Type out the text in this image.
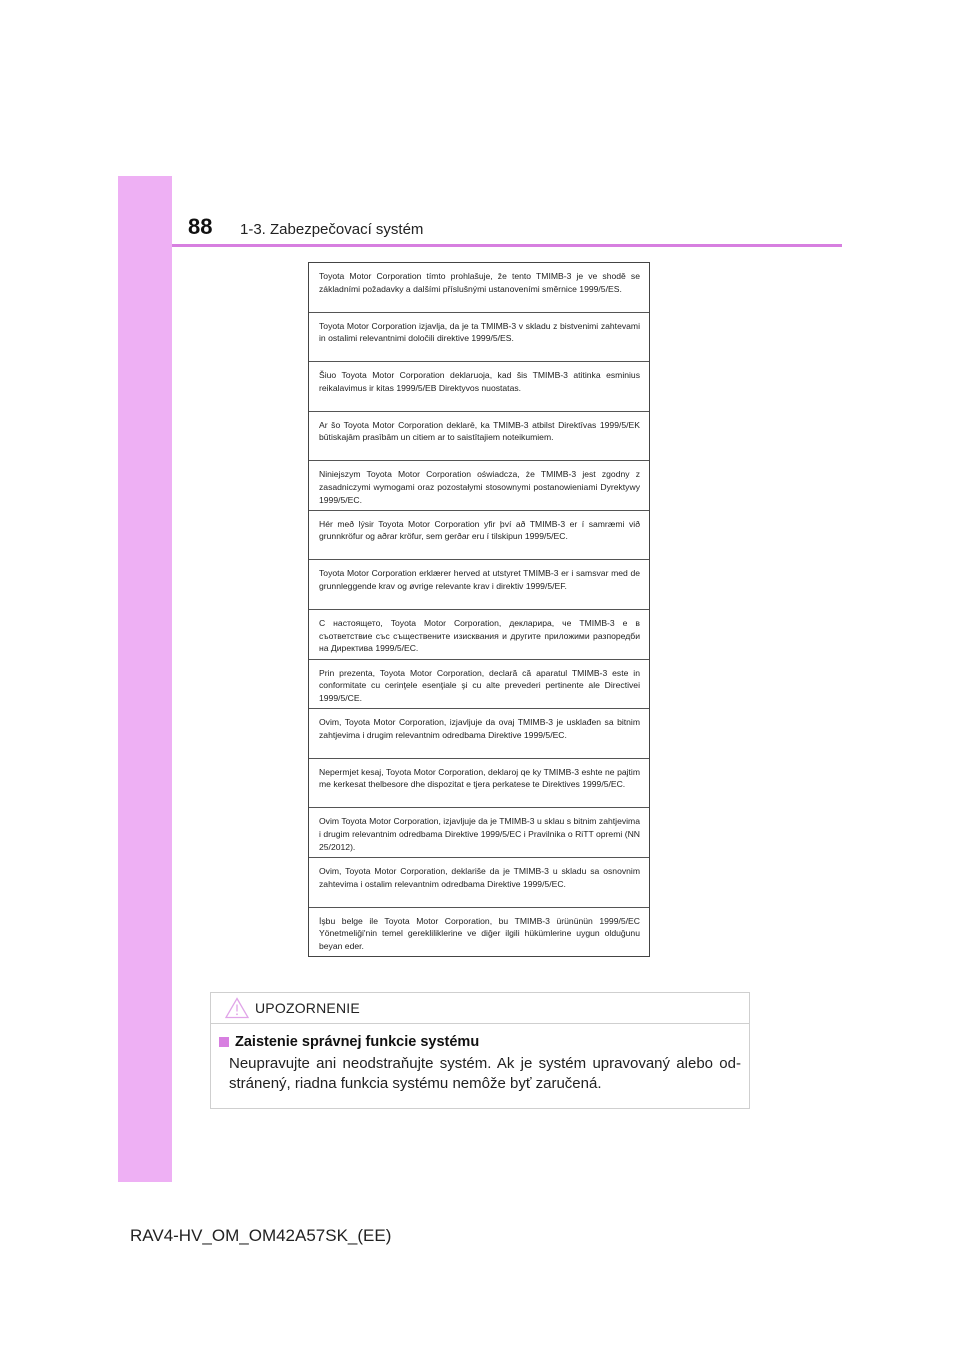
88 1-3. Zabezpečovací systém
Toyota Motor Corporation tímto prohlašuje, že tento TMIMB-3 je ve shodě se základními požadavky a dalšími příslušnými ustanoveními směrnice 1999/5/ES.
Toyota Motor Corporation izjavlja, da je ta TMIMB-3 v skladu z bistvenimi zahtevami in ostalimi relevantnimi določili direktive 1999/5/ES.
Šiuo Toyota Motor Corporation deklaruoja, kad šis TMIMB-3 atitinka esminius reikalavimus ir kitas 1999/5/EB Direktyvos nuostatas.
Ar šo Toyota Motor Corporation deklarē, ka TMIMB-3 atbilst Direktīvas 1999/5/EK būtiskajām prasībām un citiem ar to saistītajiem noteikumiem.
Niniejszym Toyota Motor Corporation oświadcza, że TMIMB-3 jest zgodny z zasadniczymi wymogami oraz pozostałymi stosownymi postanowieniami Dyrektywy 1999/5/EC.
Hér með lýsir Toyota Motor Corporation yfir því að TMIMB-3 er í samræmi við grunnkröfur og aðrar kröfur, sem gerðar eru í tilskipun 1999/5/EC.
Toyota Motor Corporation erklærer herved at utstyret TMIMB-3 er i samsvar med de grunnleggende krav og øvrige relevante krav i direktiv 1999/5/EF.
С настоящето, Toyota Motor Corporation, декларира, че TMIMB-3 е в съответствие със съществените изисквания и другите приложими разпоредби на Директива 1999/5/ЕС.
Prin prezenta, Toyota Motor Corporation, declară că aparatul TMIMB-3 este in conformitate cu cerinţele esenţiale şi cu alte prevederi pertinente ale Directivei 1999/5/CE.
Ovim, Toyota Motor Corporation, izjavljuje da ovaj TMIMB-3 je usklađen sa bitnim zahtjevima i drugim relevantnim odredbama Direktive 1999/5/EC.
Nepermjet kesaj, Toyota Motor Corporation, deklaroj qe ky TMIMB-3 eshte ne pajtim me kerkesat thelbesore dhe dispozitat e tjera perkatese te Direktives 1999/5/EC.
Ovim Toyota Motor Corporation, izjavljuje da je TMIMB-3 u sklau s bitnim zahtjevima i drugim relevantnim odredbama Direktive 1999/5/EC i Pravilnika o RiTT opremi (NN 25/2012).
Ovim, Toyota Motor Corporation, deklariše da je TMIMB-3 u skladu sa osnovnim zahtevima i ostalim relevantnim odredbama Direktive 1999/5/EC.
İşbu belge ile Toyota Motor Corporation, bu TMIMB-3 ürününün 1999/5/EC Yönetmeliği'nin temel gerekliliklerine ve diğer ilgili hükümlerine uygun olduğunu beyan eder.
UPOZORNENIE
Zaistenie správnej funkcie systému
Neupravujte ani neodstraňujte systém. Ak je systém upravovaný alebo od-stránený, riadna funkcia systému nemôže byť zaručená.
RAV4-HV_OM_OM42A57SK_(EE)
